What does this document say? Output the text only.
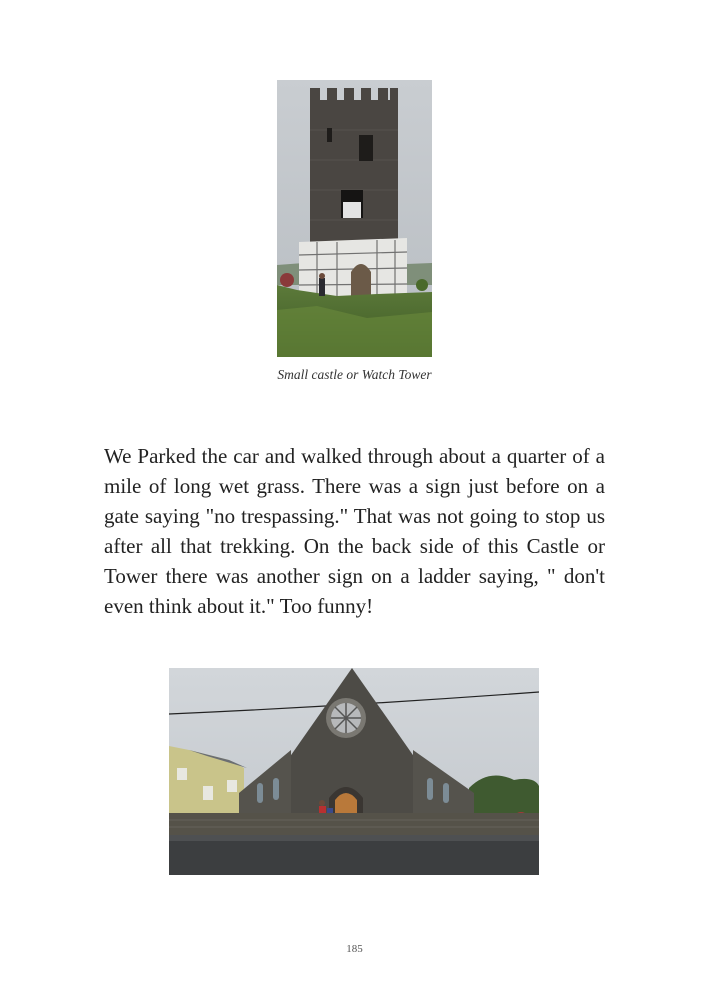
Small castle or Watch Tower

We Parked the car and walked through about a quarter of a mile of long wet grass. There was a sign just before on a gate saying "no trespassing." That was not going to stop us after all that trekking. On the back side of this Castle or Tower there was another sign on a ladder saying, " don't even think about it." Too funny!

185
